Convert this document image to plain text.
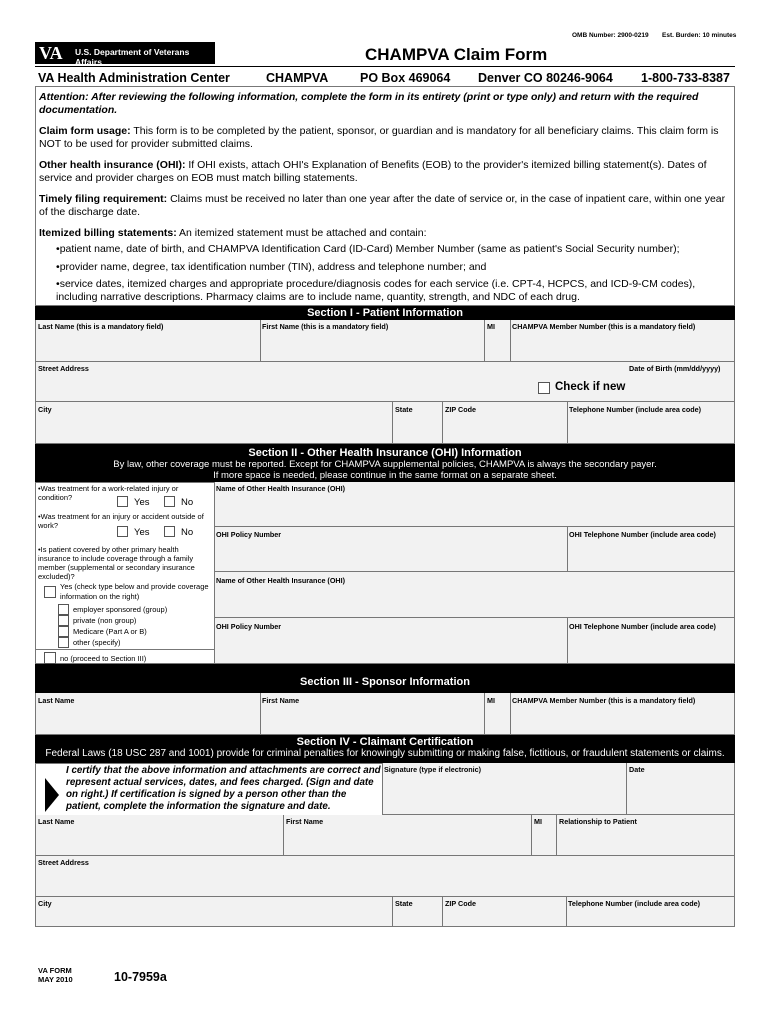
OMB Number: 2900-0219 Est. Burden: 10 minutes
VA U.S. Department of Veterans Affairs	CHAMPVA Claim Form
VA Health Administration Center	CHAMPVA	PO Box 469064 Denver CO 80246-9064 1-800-733-8387
Attention: After reviewing the following information, complete the form in its entirety (print or type only) and return with the required documentation.
Claim form usage: This form is to be completed by the patient, sponsor, or guardian and is mandatory for all beneficiary claims. This claim form is NOT to be used for provider submitted claims.
Other health insurance (OHI): If OHI exists, attach OHI's Explanation of Benefits (EOB) to the provider's itemized billing statement(s). Dates of service and provider charges on EOB must match billing statements.
Timely filing requirement: Claims must be received no later than one year after the date of service or, in the case of inpatient care, within one year of the discharge date.
Itemized billing statements: An itemized statement must be attached and contain:
• patient name, date of birth, and CHAMPVA Identification Card (ID-Card) Member Number (same as patient's Social Security number);
• provider name, degree, tax identification number (TIN), address and telephone number; and
• service dates, itemized charges and appropriate procedure/diagnosis codes for each service (i.e. CPT-4, HCPCS, and ICD-9-CM codes), including narrative descriptions. Pharmacy claims are to include name, quantity, strength, and NDC of each drug.
Section I - Patient Information
Last Name (this is a mandatory field)	First Name (this is a mandatory field)	MI CHAMPVA Member Number (this is a mandatory field)
Street Address	Date of Birth (mm/dd/yyyy)
Check if new
City	State	ZIP Code	Telephone Number (include area code)
Section II - Other Health Insurance (OHI) Information
By law, other coverage must be reported. Except for CHAMPVA supplemental policies, CHAMPVA is always the secondary payer.
If more space is needed, please continue in the same format on a separate sheet.
• Was treatment for a work-related injury or condition?	Yes	No
• Was treatment for an injury or accident outside of work?
Yes	No
• Is patient covered by other primary health insurance to include coverage through a family member (supplemental or secondary insurance excluded)?
Yes (check type below and provide coverage information on the right)
employer sponsored (group)
private (non group)
Medicare (Part A or B)
other (specify)
no (proceed to Section III)
Name of Other Health Insurance (OHI)
OHI Policy Number	OHI Telephone Number (include area code)
Name of Other Health Insurance (OHI)
OHI Policy Number	OHI Telephone Number (include area code)
Section III - Sponsor Information
Last Name	First Name	MI CHAMPVA Member Number (this is a mandatory field)
Section IV - Claimant Certification
Federal Laws (18 USC 287 and 1001) provide for criminal penalties for knowingly submitting or making false, fictitious, or fraudulent statements or claims.
I certify that the above information and attachments are correct and represent actual services, dates, and fees charged. (Sign and date on right.) If certification is signed by a person other than the patient, complete the information the signature and date.
Signature (type if electronic)	Date
Last Name	First Name	MI Relationship to Patient
Street Address
City	State	ZIP Code	Telephone Number (include area code)
VA FORM
MAY 2010	10-7959a
